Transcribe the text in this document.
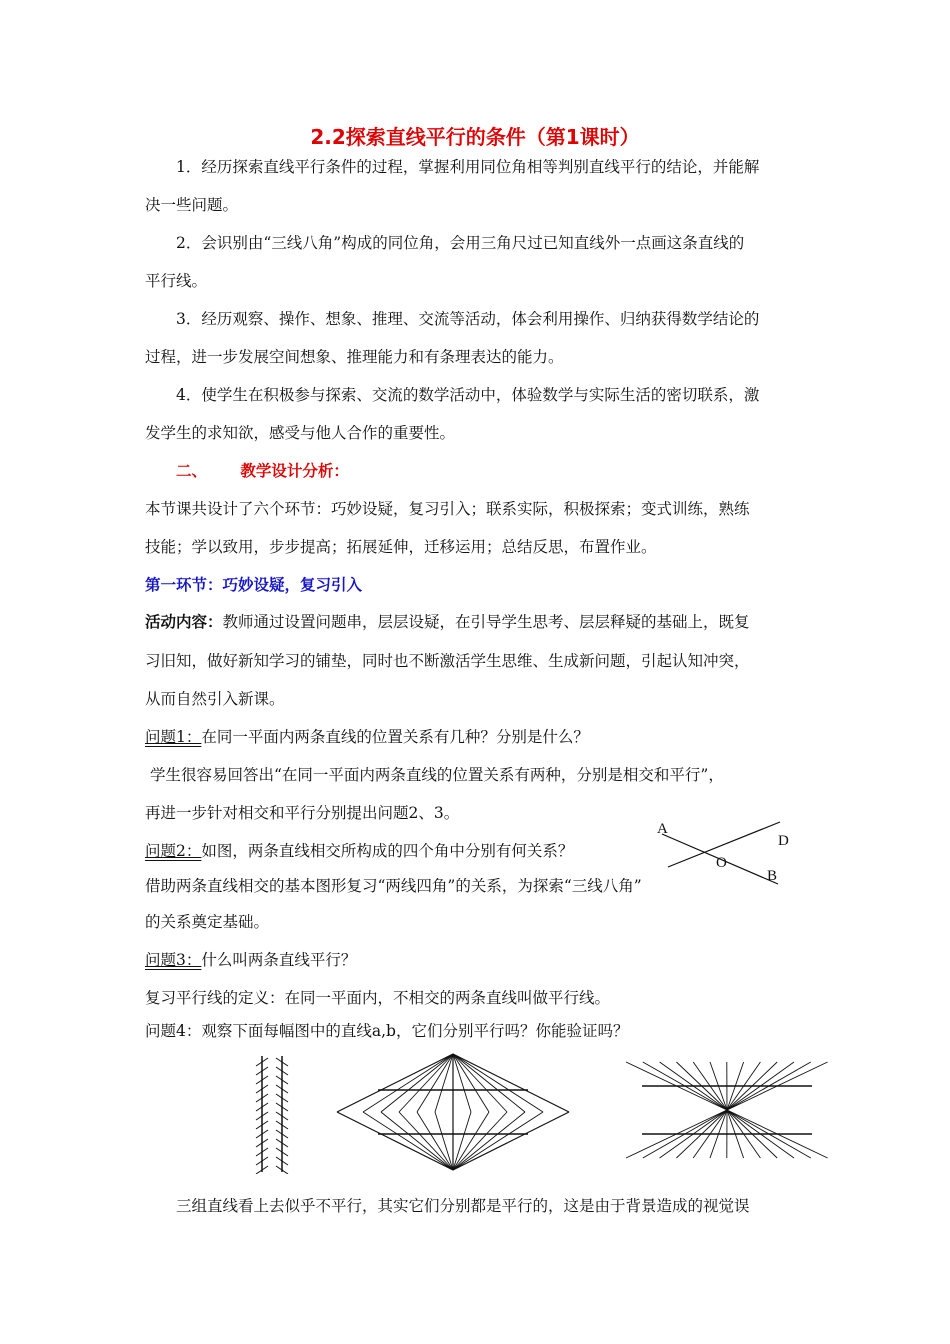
2.2探索直线平行的条件（第1课时）
1．经历探索直线平行条件的过程，掌握利用同位角相等判别直线平行的结论，并能解
决一些问题。
2．会识别由“三线八角”构成的同位角，会用三角尺过已知直线外一点画这条直线的
平行线。
3．经历观察、操作、想象、推理、交流等活动，体会利用操作、归纳获得数学结论的
过程，进一步发展空间想象、推理能力和有条理表达的能力。
4．使学生在积极参与探索、交流的数学活动中，体验数学与实际生活的密切联系，激
发学生的求知欲，感受与他人合作的重要性。
二、 教学设计分析：
本节课共设计了六个环节：巧妙设疑，复习引入；联系实际，积极探索；变式训练，熟练
技能；学以致用，步步提高；拓展延伸，迁移运用；总结反思，布置作业。
第一环节：巧妙设疑，复习引入
活动内容：教师通过设置问题串，层层设疑，在引导学生思考、层层释疑的基础上，既复
习旧知，做好新知学习的铺垫，同时也不断激活学生思维、生成新问题，引起认知冲突，
从而自然引入新课。
问题1：在同一平面内两条直线的位置关系有几种？分别是什么？
学生很容易回答出“在同一平面内两条直线的位置关系有两种，分别是相交和平行”，
再进一步针对相交和平行分别提出问题2、3。
问题2：如图，两条直线相交所构成的四个角中分别有何关系？
借助两条直线相交的基本图形复习“两线四角”的关系，为探索“三线八角”
的关系奠定基础。
A
D
O
B
问题3：什么叫两条直线平行？
复习平行线的定义：在同一平面内，不相交的两条直线叫做平行线。
问题4：观察下面每幅图中的直线a,b，它们分别平行吗？你能验证吗？
三组直线看上去似乎不平行，其实它们分别都是平行的，这是由于背景造成的视觉误
